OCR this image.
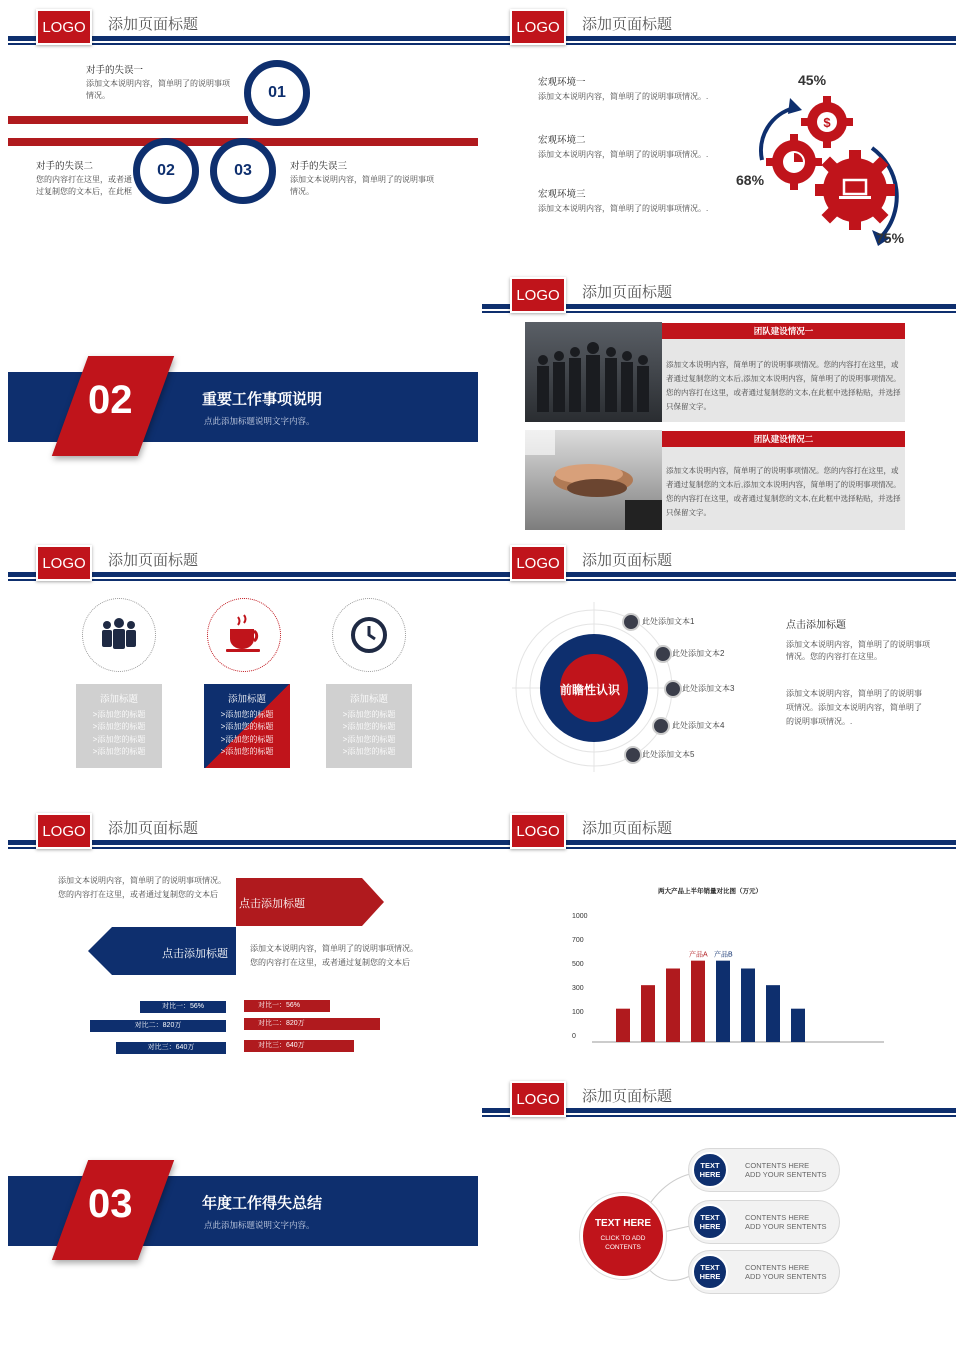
LOGO	添加页面标题
01
02	03
对手的失误一
添加文本说明内容，简单明了的说明事项情况。
对手的失误二
您的内容打在这里，或者通过复制您的文本后，在此框
对手的失误三
添加文本说明内容，简单明了的说明事项情况。
LOGO	添加页面标题
宏观环境一
添加文本说明内容，简单明了的说明事项情况。.
宏观环境二
添加文本说明内容，简单明了的说明事项情况。.
宏观环境三
添加文本说明内容，简单明了的说明事项情况。.
$
45%
68%
75%
02	重要工作事项说明
点此添加标题说明文字内容。
LOGO	添加页面标题
团队建设情况一
添加文本说明内容，简单明了的说明事项情况。您的内容打在这里，或者通过复制您的文本后,添加文本说明内容，简单明了的说明事项情况。您的内容打在这里，或者通过复制您的文本,在此框中选择粘贴，并选择只保留文字。
团队建设情况二
添加文本说明内容，简单明了的说明事项情况。您的内容打在这里，或者通过复制您的文本后,添加文本说明内容，简单明了的说明事项情况。您的内容打在这里，或者通过复制您的文本,在此框中选择粘贴，并选择只保留文字。
LOGO	添加页面标题
添加标题
>添加您的标题
>添加您的标题
>添加您的标题
>添加您的标题
添加标题
>添加您的标题
>添加您的标题
>添加您的标题
>添加您的标题
添加标题
>添加您的标题
>添加您的标题
>添加您的标题
>添加您的标题
LOGO	添加页面标题
前瞻性认识
此处添加文本1
此处添加文本2
此处添加文本3
此处添加文本4
此处添加文本5
点击添加标题
添加文本说明内容，简单明了的说明事项情况。您的内容打在这里。
添加文本说明内容，简单明了的说明事项情况。添加文本说明内容，简单明了的说明事项情况。.
LOGO	添加页面标题
添加文本说明内容，简单明了的说明事项情况。您的内容打在这里，或者通过复制您的文本后
点击添加标题
点击添加标题	添加文本说明内容，简单明了的说明事项情况。您的内容打在这里，或者通过复制您的文本后
对比一：56%
对比二：820万
对比三：640万
对比一：56%
对比二：820万
对比三：640万
LOGO	添加页面标题
两大产品上半年销量对比图（万元）
1000
700
500
300
100
0
产品A 产品B
03	年度工作得失总结
点此添加标题说明文字内容。
LOGO	添加页面标题
TEXT HERE
CLICK TO ADD CONTENTS
TEXT HERE
CONTENTS HERE
ADD YOUR SENTENTS
TEXT HERE
CONTENTS HERE
ADD YOUR SENTENTS
TEXT HERE
CONTENTS HERE
ADD YOUR SENTENTS
